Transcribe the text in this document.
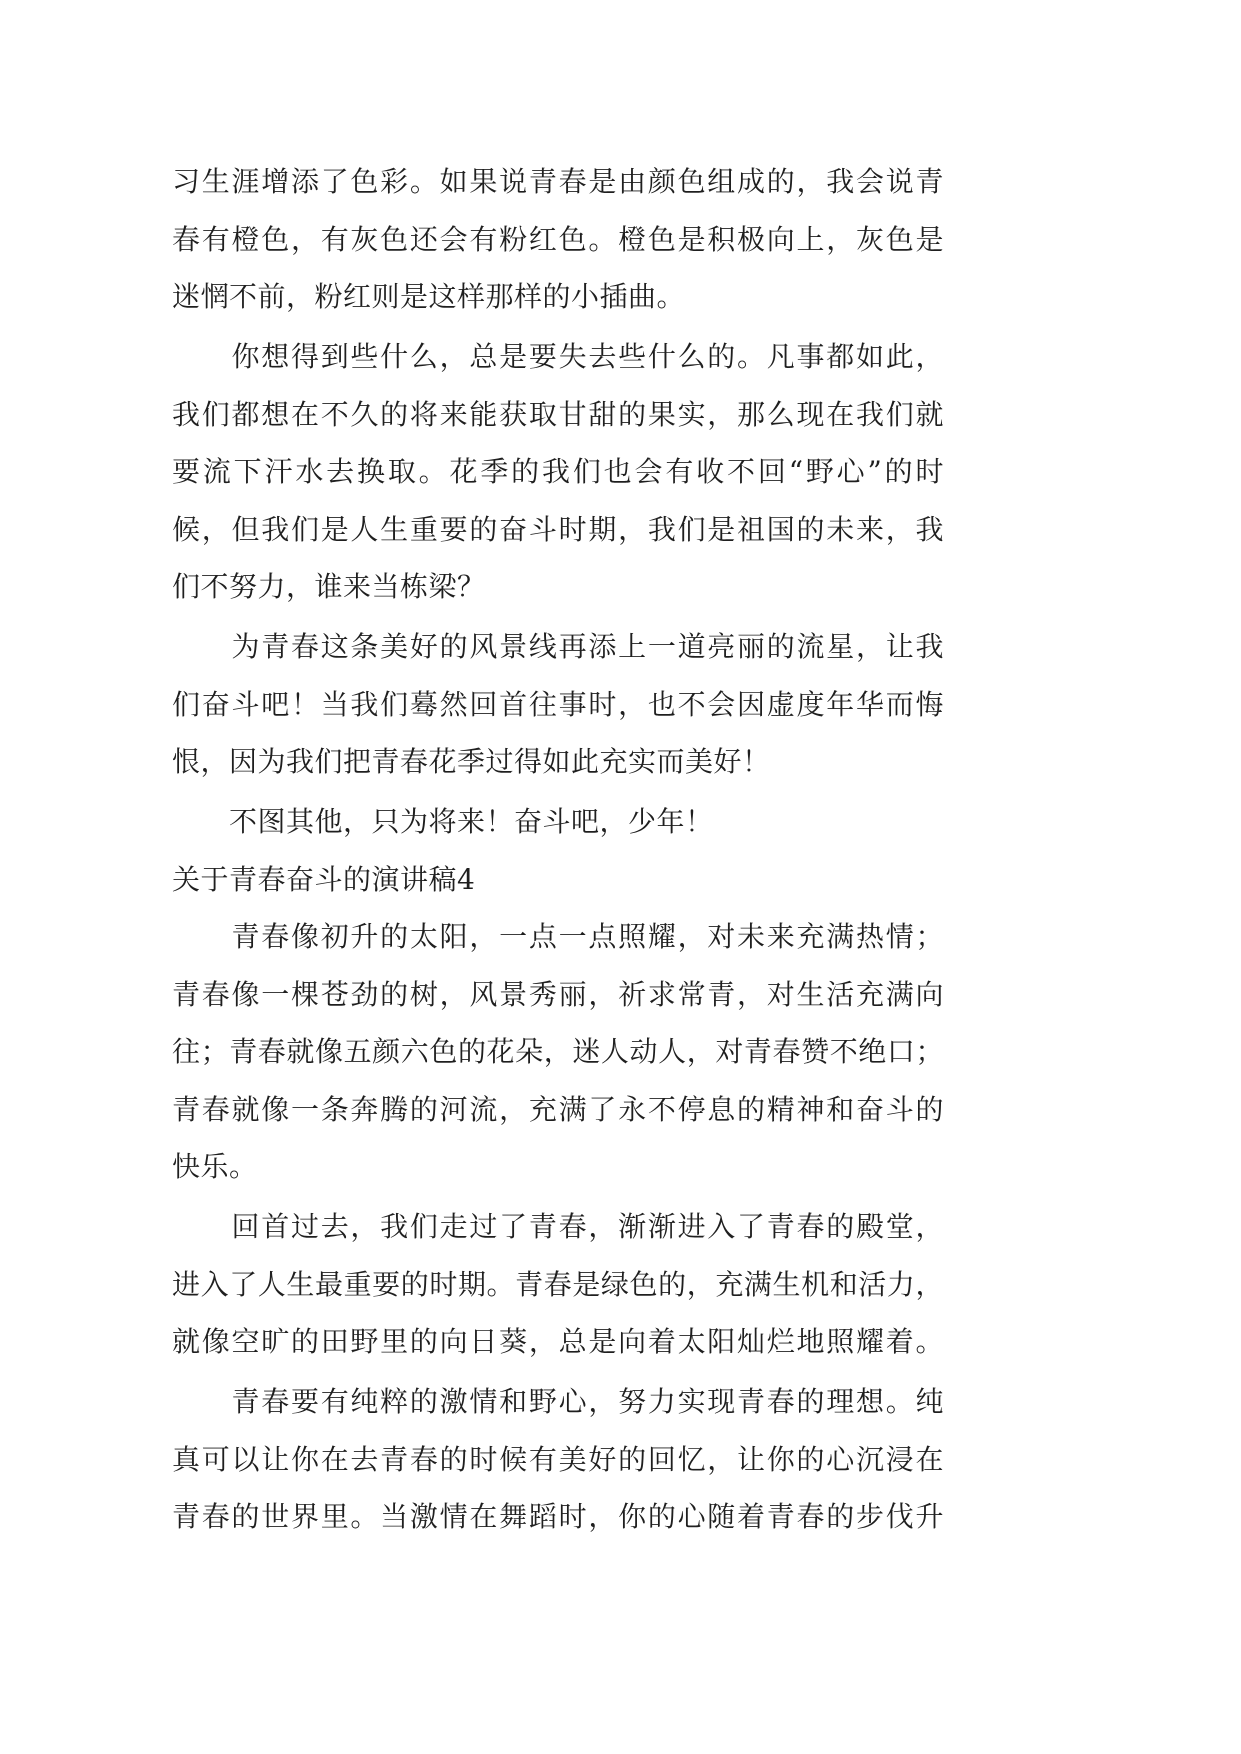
习生涯增添了色彩。如果说青春是由颜色组成的，我会说青
春有橙色，有灰色还会有粉红色。橙色是积极向上，灰色是
迷惘不前，粉红则是这样那样的小插曲。

　　你想得到些什么，总是要失去些什么的。凡事都如此，
我们都想在不久的将来能获取甘甜的果实，那么现在我们就
要流下汗水去换取。花季的我们也会有收不回“野心”的时
候，但我们是人生重要的奋斗时期，我们是祖国的未来，我
们不努力，谁来当栋梁？

　　为青春这条美好的风景线再添上一道亮丽的流星，让我
们奋斗吧！当我们蓦然回首往事时，也不会因虚度年华而悔
恨，因为我们把青春花季过得如此充实而美好！

　　不图其他，只为将来！奋斗吧，少年！

关于青春奋斗的演讲稿4

　　青春像初升的太阳，一点一点照耀，对未来充满热情；
青春像一棵苍劲的树，风景秀丽，祈求常青，对生活充满向
往；青春就像五颜六色的花朵，迷人动人，对青春赞不绝口；
青春就像一条奔腾的河流，充满了永不停息的精神和奋斗的
快乐。

　　回首过去，我们走过了青春，渐渐进入了青春的殿堂，
进入了人生最重要的时期。青春是绿色的，充满生机和活力，
就像空旷的田野里的向日葵，总是向着太阳灿烂地照耀着。

　　青春要有纯粹的激情和野心，努力实现青春的理想。纯
真可以让你在去青春的时候有美好的回忆，让你的心沉浸在
青春的世界里。当激情在舞蹈时，你的心随着青春的步伐升
